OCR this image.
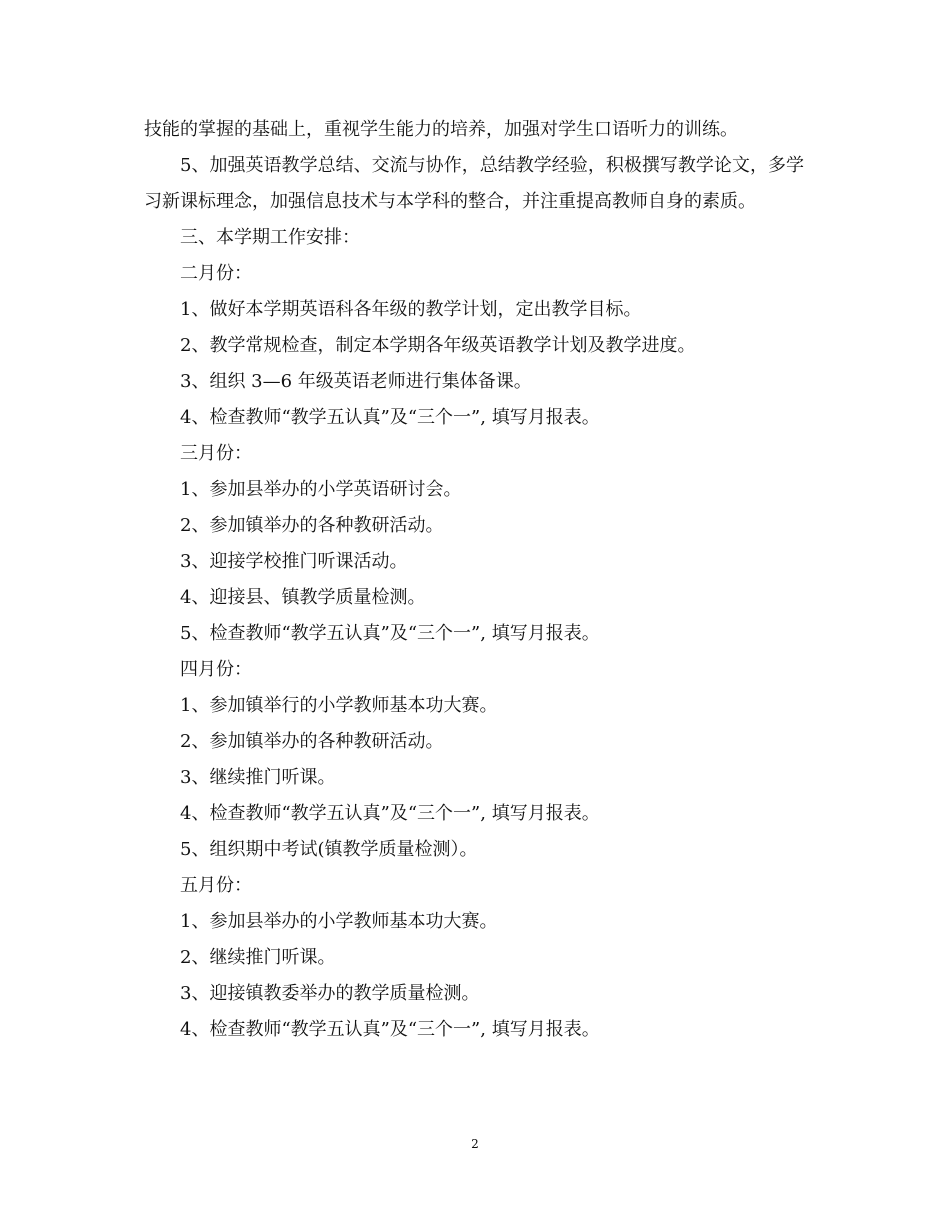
技能的掌握的基础上，重视学生能力的培养，加强对学生口语听力的训练。

5、加强英语教学总结、交流与协作，总结教学经验，积极撰写教学论文，多学习新课标理念，加强信息技术与本学科的整合，并注重提高教师自身的素质。

三、本学期工作安排：

二月份：

1、做好本学期英语科各年级的教学计划，定出教学目标。

2、教学常规检查，制定本学期各年级英语教学计划及教学进度。

3、组织 3—6 年级英语老师进行集体备课。

4、检查教师“教学五认真”及“三个一”, 填写月报表。

三月份：

1、参加县举办的小学英语研讨会。

2、参加镇举办的各种教研活动。

3、迎接学校推门听课活动。

4、迎接县、镇教学质量检测。

5、检查教师“教学五认真”及“三个一”, 填写月报表。

四月份：

1、参加镇举行的小学教师基本功大赛。

2、参加镇举办的各种教研活动。

3、继续推门听课。

4、检查教师“教学五认真”及“三个一”, 填写月报表。

5、组织期中考试(镇教学质量检测）。

五月份：

1、参加县举办的小学教师基本功大赛。

2、继续推门听课。

3、迎接镇教委举办的教学质量检测。

4、检查教师“教学五认真”及“三个一”, 填写月报表。

2
